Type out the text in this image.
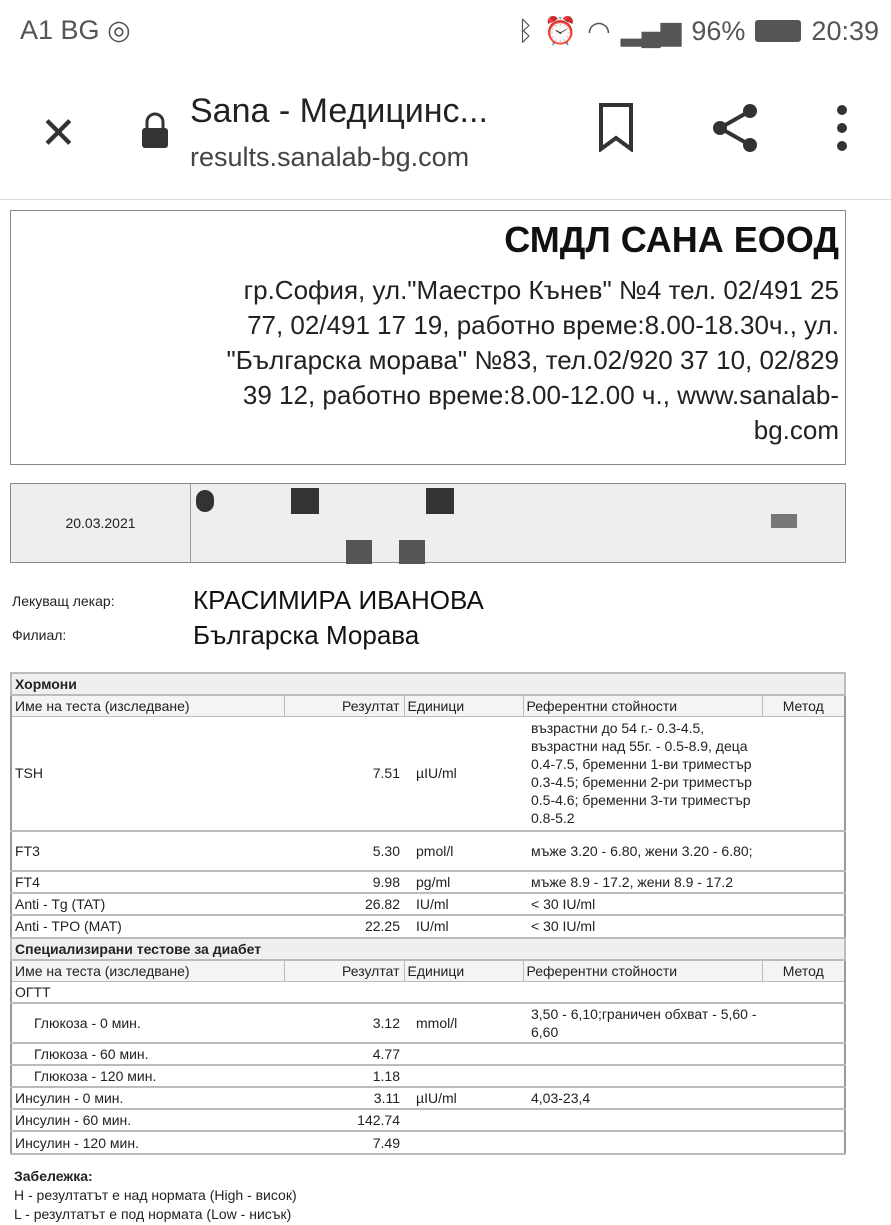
A1 BG ◎	ᛒ ⏰ ◠ ▂▄▆ 96% 20:39
✕	Sana - Медицинс...
results.sanalab-bg.com
СМДЛ САНА ЕООД
гр.София, ул."Маестро Кънев" №4 тел. 02/491 25 77, 02/491 17 19, работно време:8.00-18.30ч., ул. "Българска морава" №83, тел.02/920 37 10, 02/829 39 12, работно време:8.00-12.00 ч., www.sanalab-bg.com
20.03.2021
Лекуващ лекар:	КРАСИМИРА ИВАНОВА
Филиал:	Българска Морава
Хормони				
Име на теста (изследване)	Резултат	Единици	Референтни стойности	Метод
TSH	7.51	µIU/ml	възрастни до 54 г.- 0.3-4.5, възрастни над 55г. - 0.5-8.9, деца 0.4-7.5, бременни 1-ви триместър 0.3-4.5; бременни 2-ри триместър 0.5-4.6; бременни 3-ти триместър 0.8-5.2	
FT3	5.30	pmol/l	мъже 3.20 - 6.80, жени 3.20 - 6.80;	
FT4	9.98	pg/ml	мъже 8.9 - 17.2, жени 8.9 - 17.2	
Anti - Tg (TAT)	26.82	IU/ml	< 30 IU/ml	
Anti - TPO (MAT)	22.25	IU/ml	< 30 IU/ml	
Специализирани тестове за диабет				
Име на теста (изследване)	Резултат	Единици	Референтни стойности	Метод
ОГТТ				
Глюкоза - 0 мин.	3.12	mmol/l	3,50 - 6,10;граничен обхват - 5,60 - 6,60	
Глюкоза - 60 мин.	4.77			
Глюкоза - 120 мин.	1.18			
Инсулин - 0 мин.	3.11	µIU/ml	4,03-23,4	
Инсулин - 60 мин.	142.74			
Инсулин - 120 мин.	7.49			
Забележка:
H - резултатът е над нормата (High - висок)
L - резултатът е под нормата (Low - нисък)
